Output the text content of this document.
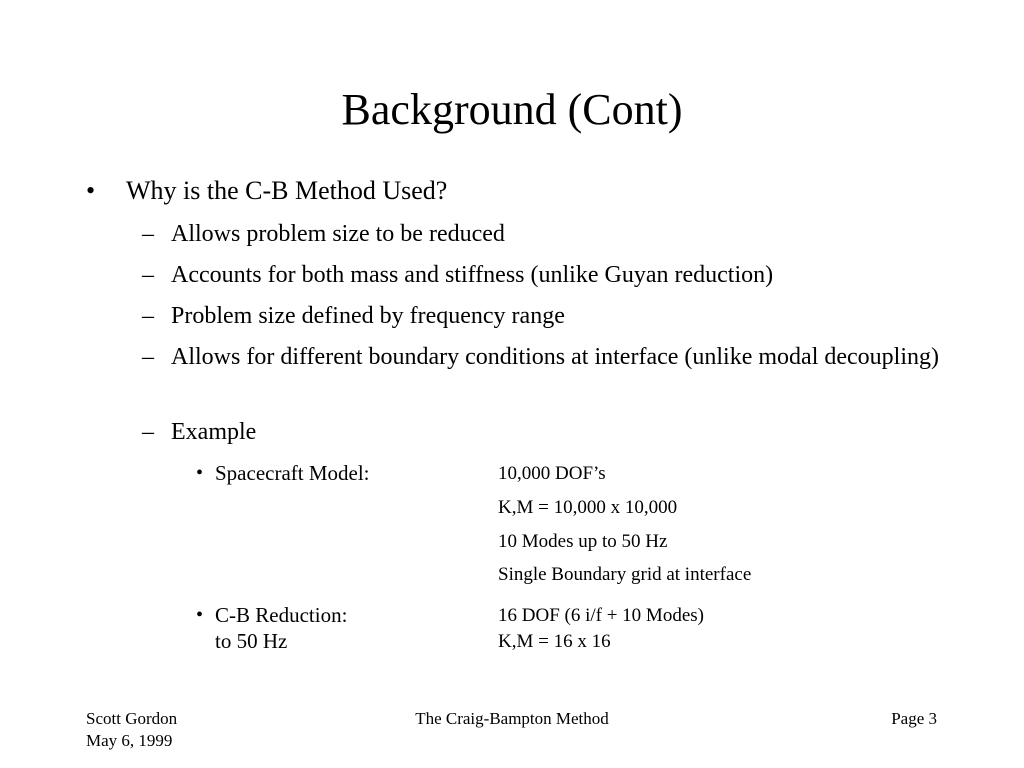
Background (Cont)
• Why is the C-B Method Used?
– Allows problem size to be reduced
– Accounts for both mass and stiffness (unlike Guyan reduction)
– Problem size defined by frequency range
– Allows for different boundary conditions at interface (unlike modal decoupling)
– Example
• Spacecraft Model:	10,000 DOF’s
K,M = 10,000 x 10,000
10 Modes up to 50 Hz
Single Boundary grid at interface
• C-B Reduction:
to 50 Hz
16 DOF (6 i/f + 10 Modes)
K,M = 16 x 16
Scott Gordon
May 6, 1999
The Craig-Bampton Method	Page 3
